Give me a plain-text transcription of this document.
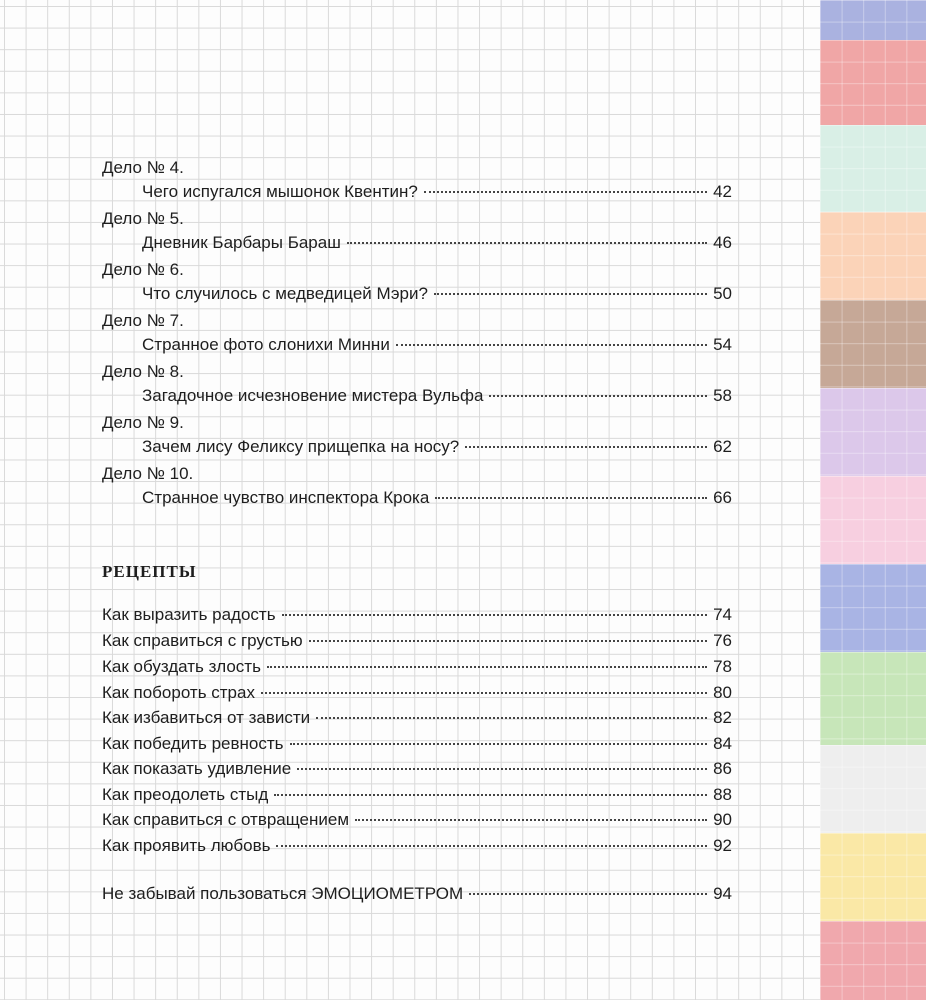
Дело № 4.
Чего испугался мышонок Квентин?	42
Дело № 5.
Дневник Барбары Бараш	46
Дело № 6.
Что случилось с медведицей Мэри?	50
Дело № 7.
Странное фото слонихи Минни	54
Дело № 8.
Загадочное исчезновение мистера Вульфа	58
Дело № 9.
Зачем лису Феликсу прищепка на носу?	62
Дело № 10.
Странное чувство инспектора Крока	66
РЕЦЕПТЫ
Как выразить радость	74
Как справиться с грустью	76
Как обуздать злость	78
Как побороть страх	80
Как избавиться от зависти	82
Как победить ревность	84
Как показать удивление	86
Как преодолеть стыд	88
Как справиться с отвращением	90
Как проявить любовь	92
Не забывай пользоваться ЭМОЦИОМЕТРОМ	94
